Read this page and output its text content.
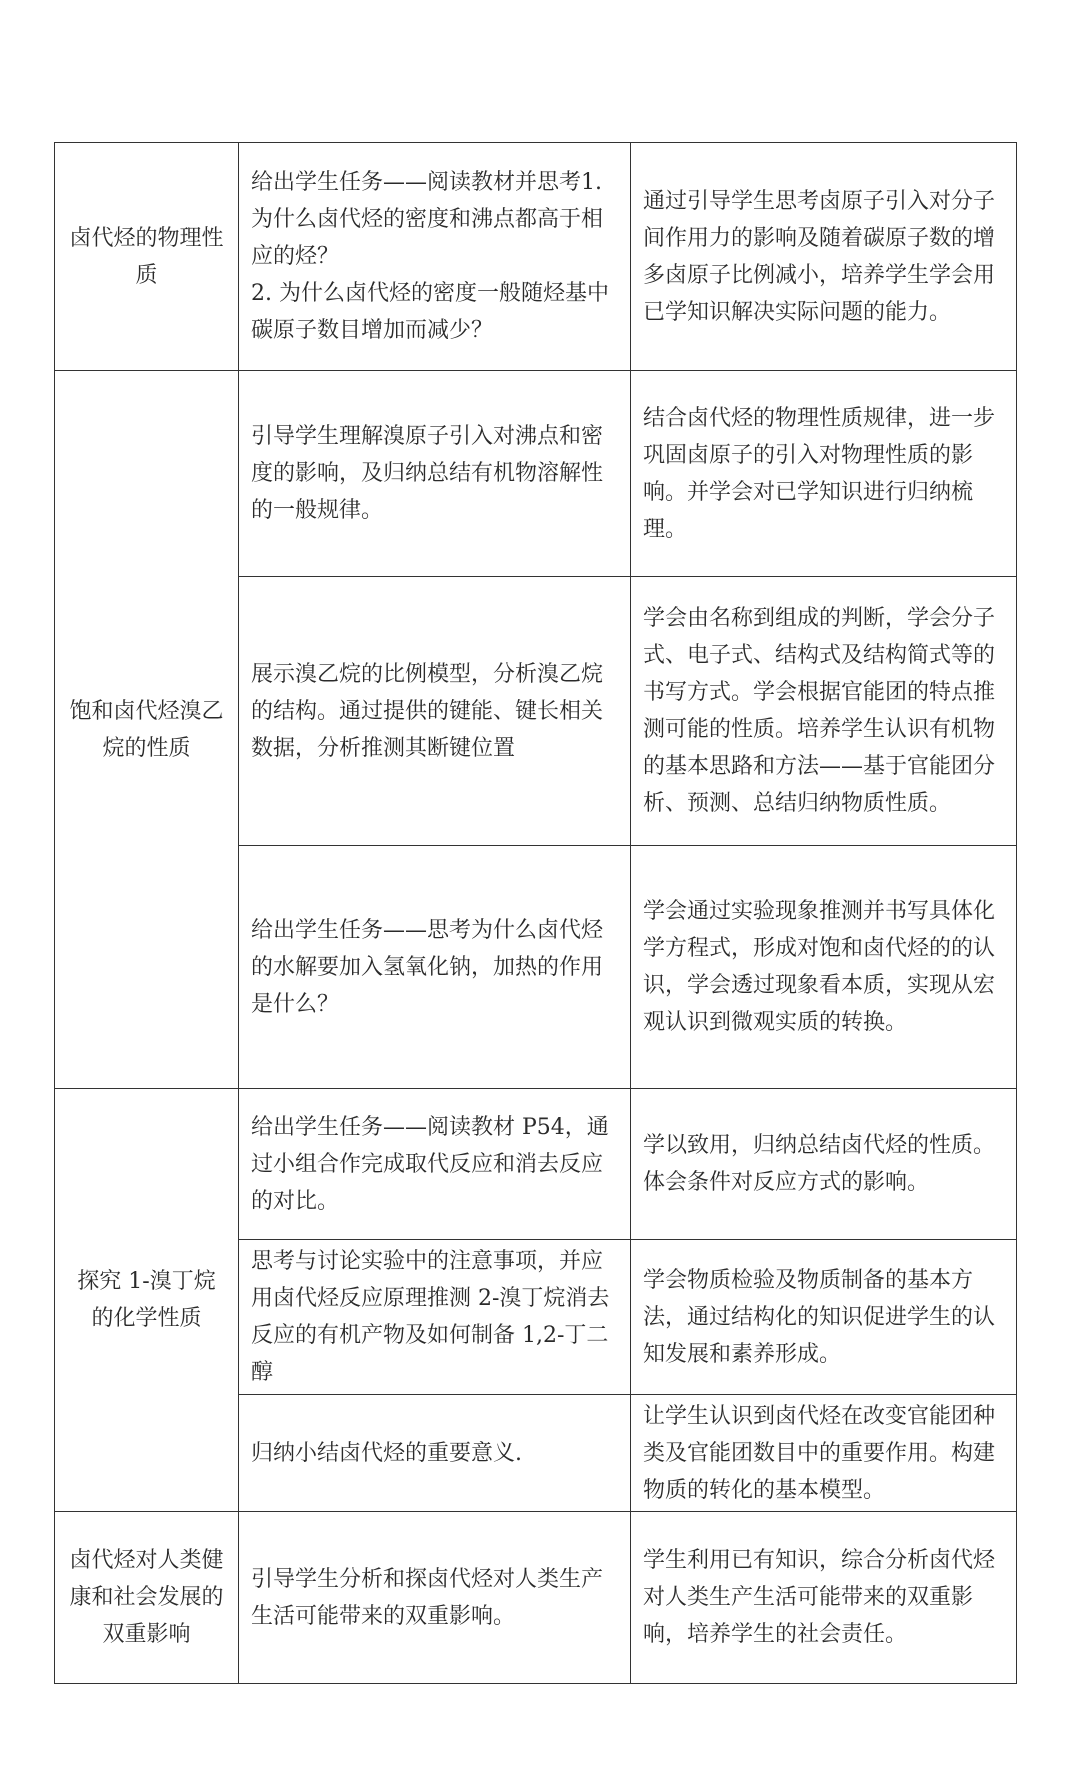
卤代烃的物理性质	给出学生任务——阅读教材并思考1.为什么卤代烃的密度和沸点都高于相应的烃？
2. 为什么卤代烃的密度一般随烃基中碳原子数目增加而减少？	通过引导学生思考卤原子引入对分子间作用力的影响及随着碳原子数的增多卤原子比例减小，培养学生学会用已学知识解决实际问题的能力。
饱和卤代烃溴乙烷的性质	引导学生理解溴原子引入对沸点和密度的影响，及归纳总结有机物溶解性的一般规律。	结合卤代烃的物理性质规律，进一步巩固卤原子的引入对物理性质的影响。并学会对已学知识进行归纳梳理。
	展示溴乙烷的比例模型，分析溴乙烷的结构。通过提供的键能、键长相关数据，分析推测其断键位置	学会由名称到组成的判断，学会分子式、电子式、结构式及结构简式等的书写方式。学会根据官能团的特点推测可能的性质。培养学生认识有机物的基本思路和方法——基于官能团分析、预测、总结归纳物质性质。
	给出学生任务——思考为什么卤代烃的水解要加入氢氧化钠，加热的作用是什么？	学会通过实验现象推测并书写具体化学方程式，形成对饱和卤代烃的的认识，学会透过现象看本质，实现从宏观认识到微观实质的转换。
探究 1-溴丁烷的化学性质	给出学生任务——阅读教材 P54，通过小组合作完成取代反应和消去反应的对比。	学以致用，归纳总结卤代烃的性质。体会条件对反应方式的影响。
	思考与讨论实验中的注意事项，并应用卤代烃反应原理推测 2-溴丁烷消去反应的有机产物及如何制备 1,2-丁二醇	学会物质检验及物质制备的基本方法，通过结构化的知识促进学生的认知发展和素养形成。
	归纳小结卤代烃的重要意义.	让学生认识到卤代烃在改变官能团种类及官能团数目中的重要作用。构建物质的转化的基本模型。
卤代烃对人类健康和社会发展的双重影响	引导学生分析和探卤代烃对人类生产生活可能带来的双重影响。	学生利用已有知识，综合分析卤代烃对人类生产生活可能带来的双重影响，培养学生的社会责任。
